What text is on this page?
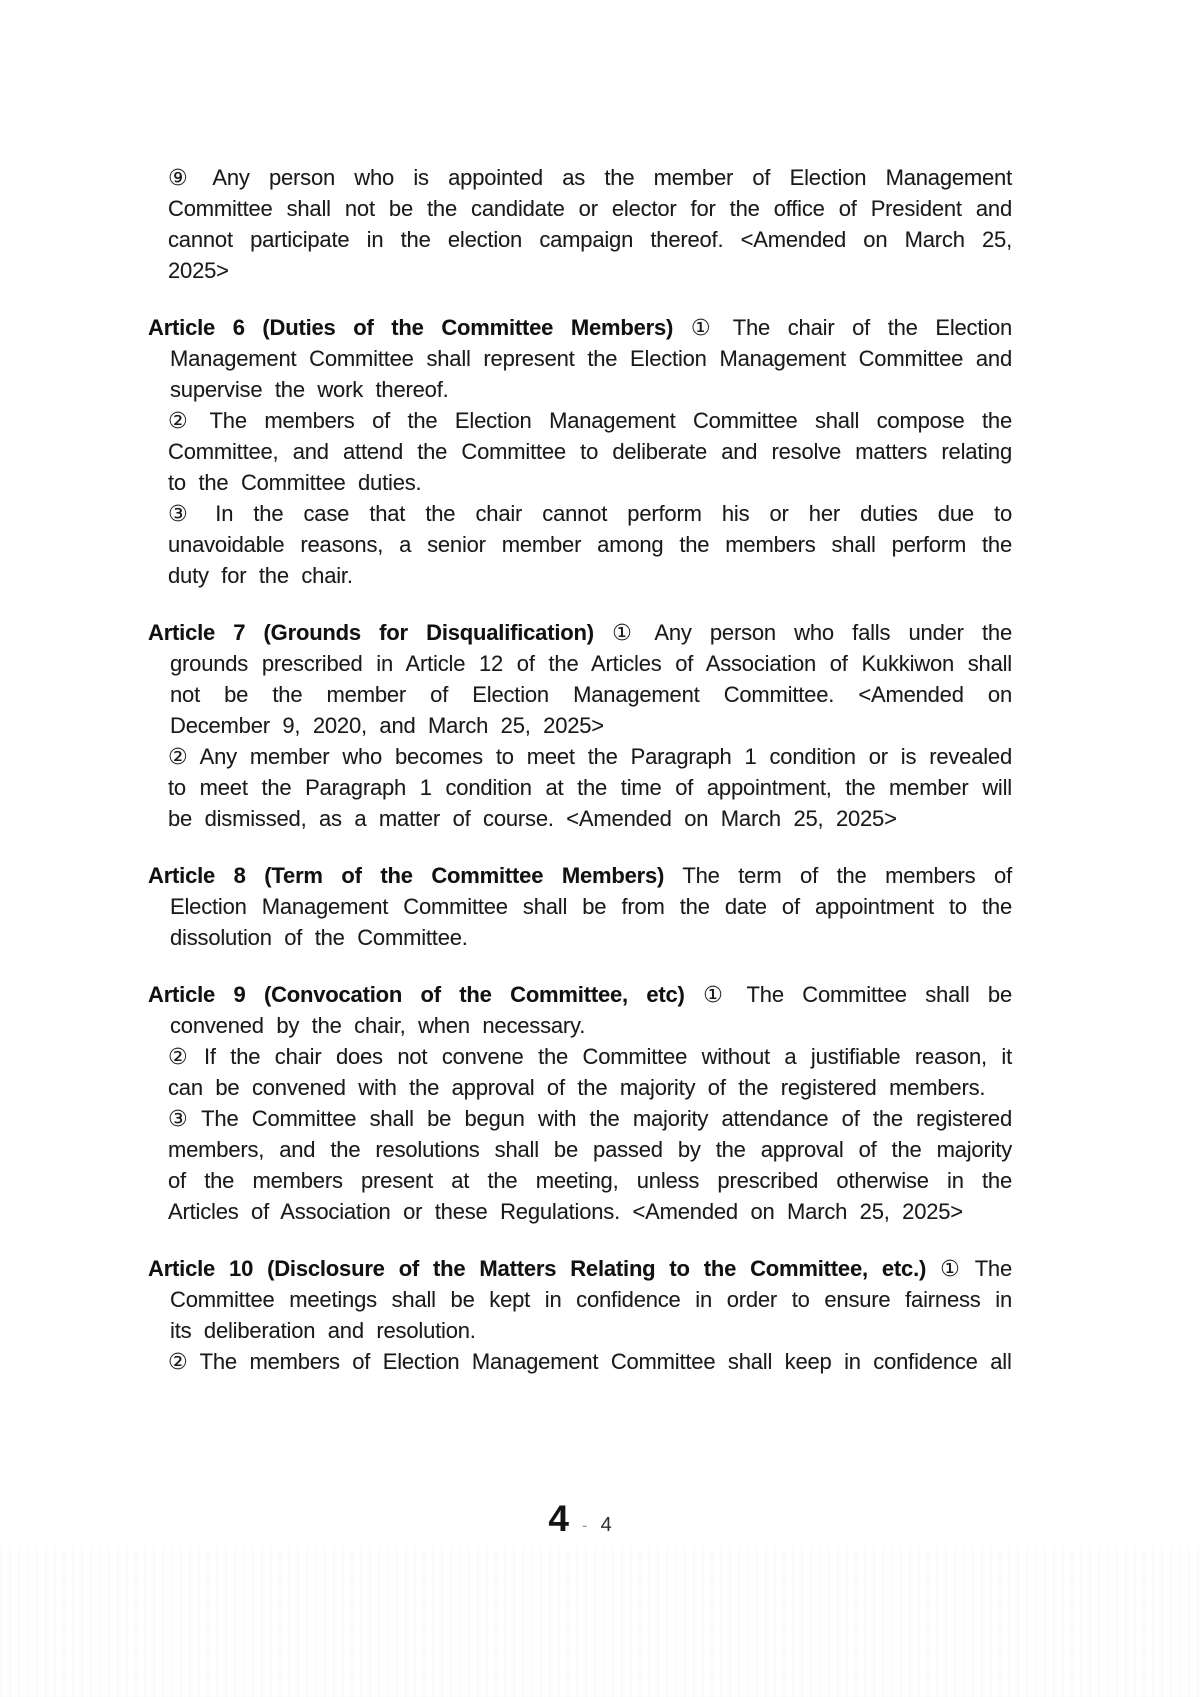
⑨ Any person who is appointed as the member of Election Management Committee shall not be the candidate or elector for the office of President and cannot participate in the election campaign thereof. <Amended on March 25, 2025>

Article 6 (Duties of the Committee Members) ① The chair of the Election Management Committee shall represent the Election Management Committee and supervise the work thereof.

② The members of the Election Management Committee shall compose the Committee, and attend the Committee to deliberate and resolve matters relating to the Committee duties.

③ In the case that the chair cannot perform his or her duties due to unavoidable reasons, a senior member among the members shall perform the duty for the chair.

Article 7 (Grounds for Disqualification) ① Any person who falls under the grounds prescribed in Article 12 of the Articles of Association of Kukkiwon shall not be the member of Election Management Committee. <Amended on December 9, 2020, and March 25, 2025>

② Any member who becomes to meet the Paragraph 1 condition or is revealed to meet the Paragraph 1 condition at the time of appointment, the member will be dismissed, as a matter of course. <Amended on March 25, 2025>

Article 8 (Term of the Committee Members) The term of the members of Election Management Committee shall be from the date of appointment to the dissolution of the Committee.

Article 9 (Convocation of the Committee, etc) ① The Committee shall be convened by the chair, when necessary.

② If the chair does not convene the Committee without a justifiable reason, it can be convened with the approval of the majority of the registered members.

③ The Committee shall be begun with the majority attendance of the registered members, and the resolutions shall be passed by the approval of the majority of the members present at the meeting, unless prescribed otherwise in the Articles of Association or these Regulations. <Amended on March 25, 2025>

Article 10 (Disclosure of the Matters Relating to the Committee, etc.) ① The Committee meetings shall be kept in confidence in order to ensure fairness in its deliberation and resolution.

② The members of Election Management Committee shall keep in confidence all

4 - 4
